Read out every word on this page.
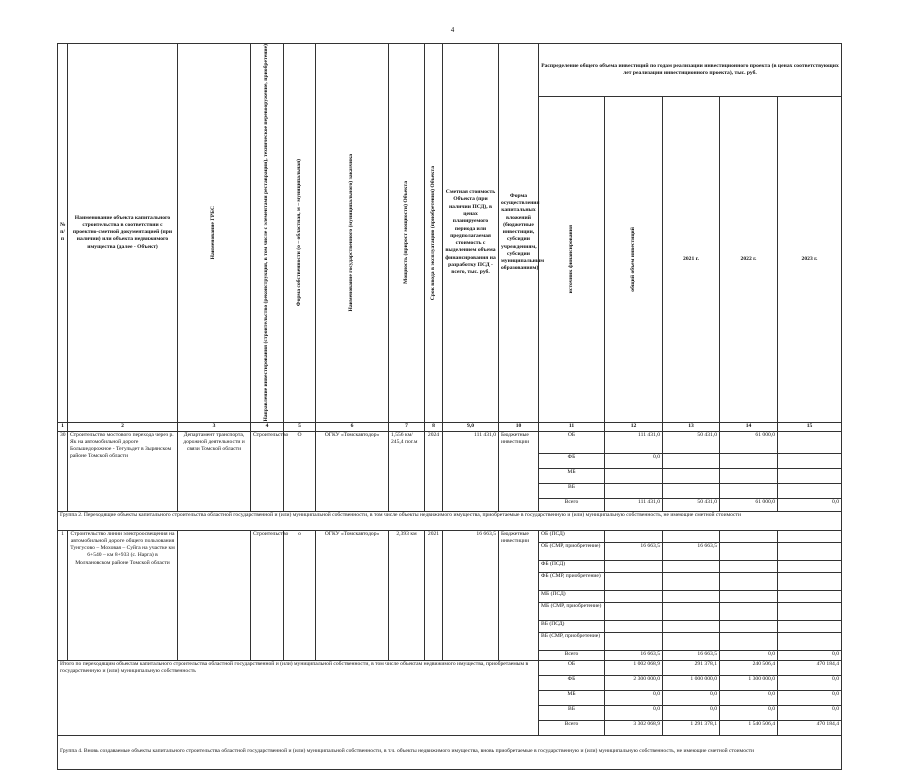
4
№ п/п	Наименование объекта капитального строительства в соответствии с проектно-сметной документацией (при наличии) или объекта недвижимого имущества (далее - Объект)	Наименование ГРБС	Направление инвестирования (строительство (реконструкция, в том числе с элементами реставрации), техническое перевооружение, приобретение)	Форма собственности (о – областная, м – муниципальная)	Наименование государственного (муниципального) заказчика	Мощность (прирост мощности) Объекта	Срок ввода в эксплуатацию (приобретения) Объекта	Сметная стоимость Объекта (при наличии ПСД), в ценах планируемого периода или предполагаемая стоимость с выделением объема финансирования на разработку ПСД - всего, тыс. руб.	Форма осуществления капитальных вложений (бюджетные инвестиции, субсидии учреждениям, субсидии муниципальным образованиям)	Распределение общего объема инвестиций по годам реализации инвестиционного проекта (в ценах соответствующих лет реализации инвестиционного проекта), тыс. руб.				

										источник финансирования	общий объем инвестиций	2021 г.	2022 г.	2023 г.
1	2	3	4	5	6	7	8	9,0	10	11	12	13	14	15
30	Строительство мостового перехода через р. Як на автомобильной дороге Большедорожное - Тегульдет в Зырянском районе Томской области	Департамент транспорта, дорожной деятельности и связи Томской области	Строительство	О	ОГКУ «Томскавтодор»	1,556 км/ 245,4 пог.м	2024	111 431,0	Бюджетные инвестиции	ОБ	111 431,0	50 431,0	61 000,0	
										ФБ	0,0			
										МБ				
										ВБ				
										Всего	111 431,0	50 431,0	61 000,0	0,0
Группа 2. Переходящие объекты капитального строительства областной государственной и (или) муниципальной собственности, в том числе объекты недвижимого имущества, приобретаемые в государственную и (или) муниципальную собственность, не имеющие сметной стоимости														
1	Строительство линии электроосвещения на автомобильной дороге общего пользования Тунгусово – Моховая – Суйга на участке км 6+540 – км 8+933 (с. Нарга) в Молчановском районе Томской области		Строительство	о	ОГКУ «Томскавтодор»	2,393 км	2021	16 663,5	Бюджетные инвестиции	ОБ (ПСД)				
										ОБ (СМР, приобретение)	16 663,5	16 663,5		
										ФБ (ПСД)				
										ФБ (СМР, приобретение)				
										МБ (ПСД)				
										МБ (СМР, приобретение)				
										ВБ (ПСД)				
										ВБ (СМР, приобретение)				
										Всего	16 663,5	16 663,5	0,0	0,0
Итого по переходящим объектам капитального строительства областной государственной и (или) муниципальной собственности, в том числе объектам недвижимого имущества, приобретаемым в государственную и (или) муниципальную собственность										ОБ	1 002 068,9	291 378,1	240 506,4	470 184,4
										ФБ	2 300 000,0	1 000 000,0	1 300 000,0	0,0
										МБ	0,0	0,0	0,0	0,0
										ВБ	0,0	0,0	0,0	0,0
										Всего	3 302 068,9	1 291 378,1	1 540 506,4	470 184,4
Группа 4. Вновь создаваемые объекты капитального строительства областной государственной и (или) муниципальной собственности, в т.ч. объекты недвижимого имущества, вновь приобретаемые в государственную и (или) муниципальную собственность, не имеющие сметной стоимости														
